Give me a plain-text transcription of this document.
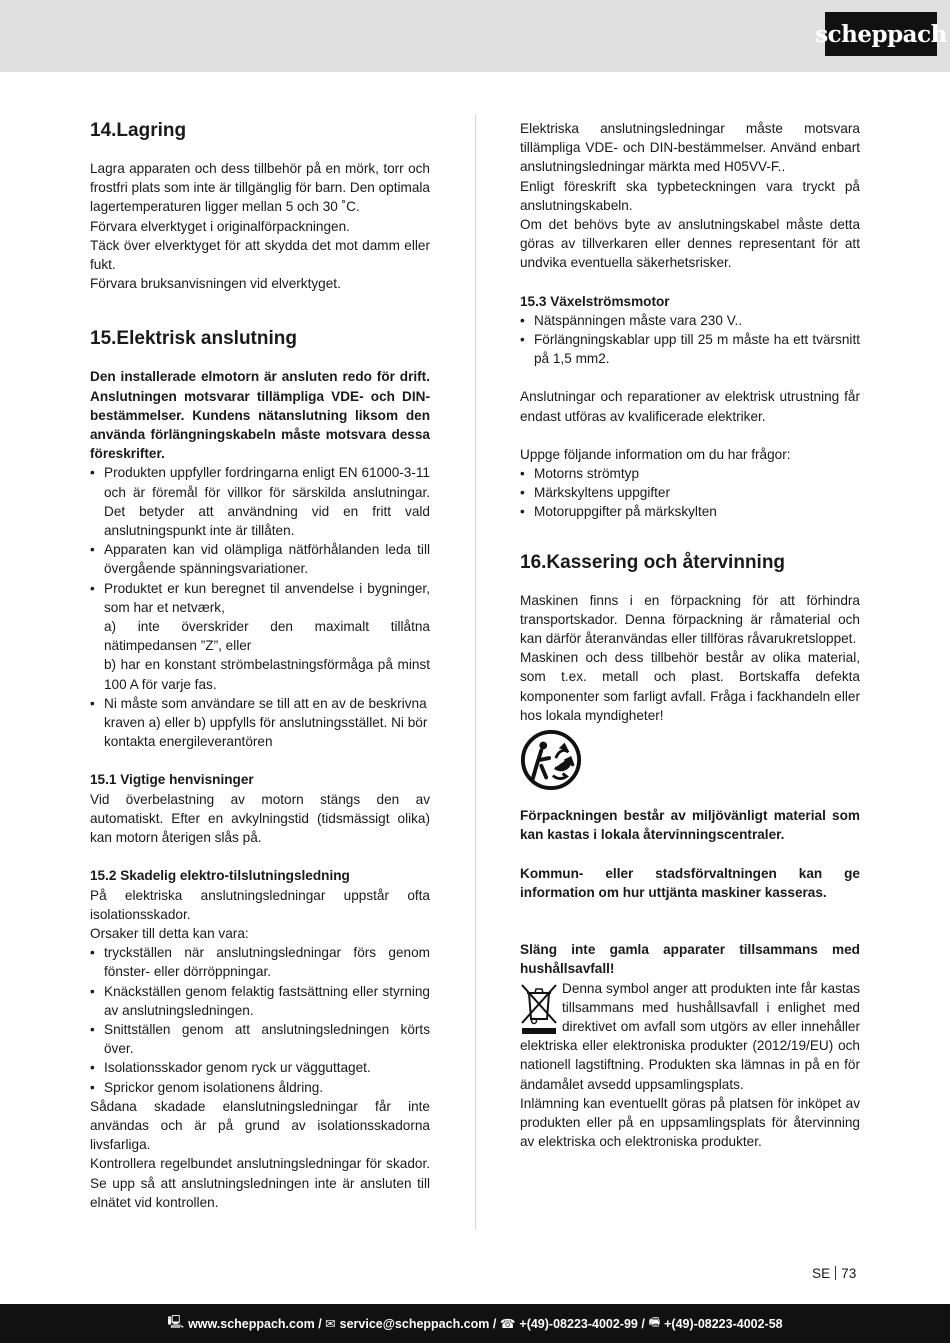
scheppach
14.Lagring

Lagra apparaten och dess tillbehör på en mörk, torr och frostfri plats som inte är tillgänglig för barn. Den optimala lagertemperaturen ligger mellan 5 och 30 ˚C.

Förvara elverktyget i originalförpackningen.

Täck över elverktyget för att skydda det mot damm eller fukt.

Förvara bruksanvisningen vid elverktyget.

15.Elektrisk anslutning

Den installerade elmotorn är ansluten redo för drift. Anslutningen motsvarar tillämpliga VDE- och DIN-bestämmelser. Kundens nätanslutning liksom den använda förlängningskabeln måste motsvara dessa föreskrifter.

• Produkten uppfyller fordringarna enligt EN 61000-3-11 och är föremål för villkor för särskilda anslutningar. Det betyder att användning vid en fritt vald anslutningspunkt inte är tillåten.
• Apparaten kan vid olämpliga nätförhålanden leda till övergående spänningsvariationer.
• Produktet er kun beregnet til anvendelse i bygninger, som har et netværk,
a) inte överskrider den maximalt tillåtna nätimpedansen ”Z”, eller
b) har en konstant strömbelastningsförmåga på minst 100 A för varje fas.
• Ni måste som användare se till att en av de beskrivna kraven a) eller b) uppfylls för anslutningsstället. Ni bör kontakta energileverantören
15.1 Vigtige henvisninger

Vid överbelastning av motorn stängs den av automatiskt. Efter en avkylningstid (tidsmässigt olika) kan motorn återigen slås på.

15.2 Skadelig elektro-tilslutningsledning

På elektriska anslutningsledningar uppstår ofta isolationsskador.

Orsaker till detta kan vara:

• tryckställen när anslutningsledningar förs genom fönster- eller dörröppningar.
• Knäckställen genom felaktig fastsättning eller styrning av anslutningsledningen.
• Snittställen genom att anslutningsledningen körts över.
• Isolationsskador genom ryck ur vägguttaget.
• Sprickor genom isolationens åldring.

Sådana skadade elanslutningsledningar får inte användas och är på grund av isolationsskadorna livsfarliga.

Kontrollera regelbundet anslutningsledningar för skador. Se upp så att anslutningsledningen inte är ansluten till elnätet vid kontrollen.

Elektriska anslutningsledningar måste motsvara tillämpliga VDE- och DIN-bestämmelser. Använd enbart anslutningsledningar märkta med H05VV-F..

Enligt föreskrift ska typbeteckningen vara tryckt på anslutningskabeln.

Om det behövs byte av anslutningskabel måste detta göras av tillverkaren eller dennes representant för att undvika eventuella säkerhetsrisker.

15.3 Växelströmsmotor
• Nätspänningen måste vara 230 V..
• Förlängningskablar upp till 25 m måste ha ett tvärsnitt på 1,5 mm2.

Anslutningar och reparationer av elektrisk utrustning får endast utföras av kvalificerade elektriker.

Uppge följande information om du har frågor:

• Motorns strömtyp
• Märkskyltens uppgifter
• Motoruppgifter på märkskylten
16.Kassering och återvinning

Maskinen finns i en förpackning för att förhindra transportskador. Denna förpackning är råmaterial och kan därför återanvändas eller tillföras råvarukretsloppet.

Maskinen och dess tillbehör består av olika material, som t.ex. metall och plast. Bortskaffa defekta komponenter som farligt avfall. Fråga i fackhandeln eller hos lokala myndigheter!

Förpackningen består av miljövänligt material som kan kastas i lokala återvinningscentraler.

Kommun- eller stadsförvaltningen kan ge information om hur uttjänta maskiner kasseras.

Släng inte gamla apparater tillsammans med hushållsavfall!

Denna symbol anger att produkten inte får kastas tillsammans med hushållsavfall i enlighet med direktivet om avfall som utgörs av eller innehåller elektriska eller elektroniska produkter (2012/19/EU) och nationell lagstiftning. Produkten ska lämnas in på en för ändamålet avsedd uppsamlingsplats.

Inlämning kan eventuellt göras på platsen för inköpet av produkten eller på en uppsamlingsplats för återvinning av elektriska och elektroniska produkter.

SE 73
🖳︎ www.scheppach.com / ✉︎ service@scheppach.com / ☎︎ +(49)-08223-4002-99 / 🖷︎ +(49)-08223-4002-58
